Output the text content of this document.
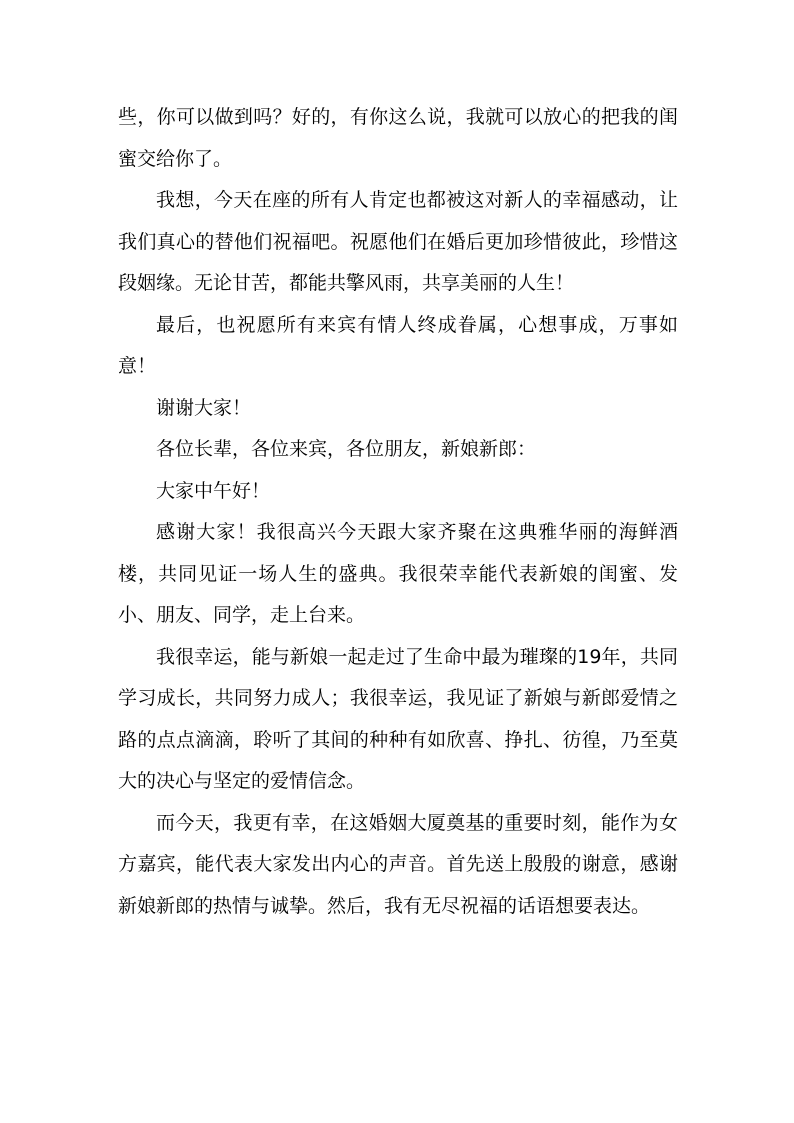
些，你可以做到吗？好的，有你这么说，我就可以放心的把我的闺蜜交给你了。

我想，今天在座的所有人肯定也都被这对新人的幸福感动，让我们真心的替他们祝福吧。祝愿他们在婚后更加珍惜彼此，珍惜这段姻缘。无论甘苦，都能共擎风雨，共享美丽的人生！

最后，也祝愿所有来宾有情人终成眷属，心想事成，万事如意！

谢谢大家！

各位长辈，各位来宾，各位朋友，新娘新郎：

大家中午好！

感谢大家！我很高兴今天跟大家齐聚在这典雅华丽的海鲜酒楼，共同见证一场人生的盛典。我很荣幸能代表新娘的闺蜜、发小、朋友、同学，走上台来。

我很幸运，能与新娘一起走过了生命中最为璀璨的19年，共同学习成长，共同努力成人；我很幸运，我见证了新娘与新郎爱情之路的点点滴滴，聆听了其间的种种有如欣喜、挣扎、彷徨，乃至莫大的决心与坚定的爱情信念。

而今天，我更有幸，在这婚姻大厦奠基的重要时刻，能作为女方嘉宾，能代表大家发出内心的声音。首先送上殷殷的谢意，感谢新娘新郎的热情与诚挚。然后，我有无尽祝福的话语想要表达。
